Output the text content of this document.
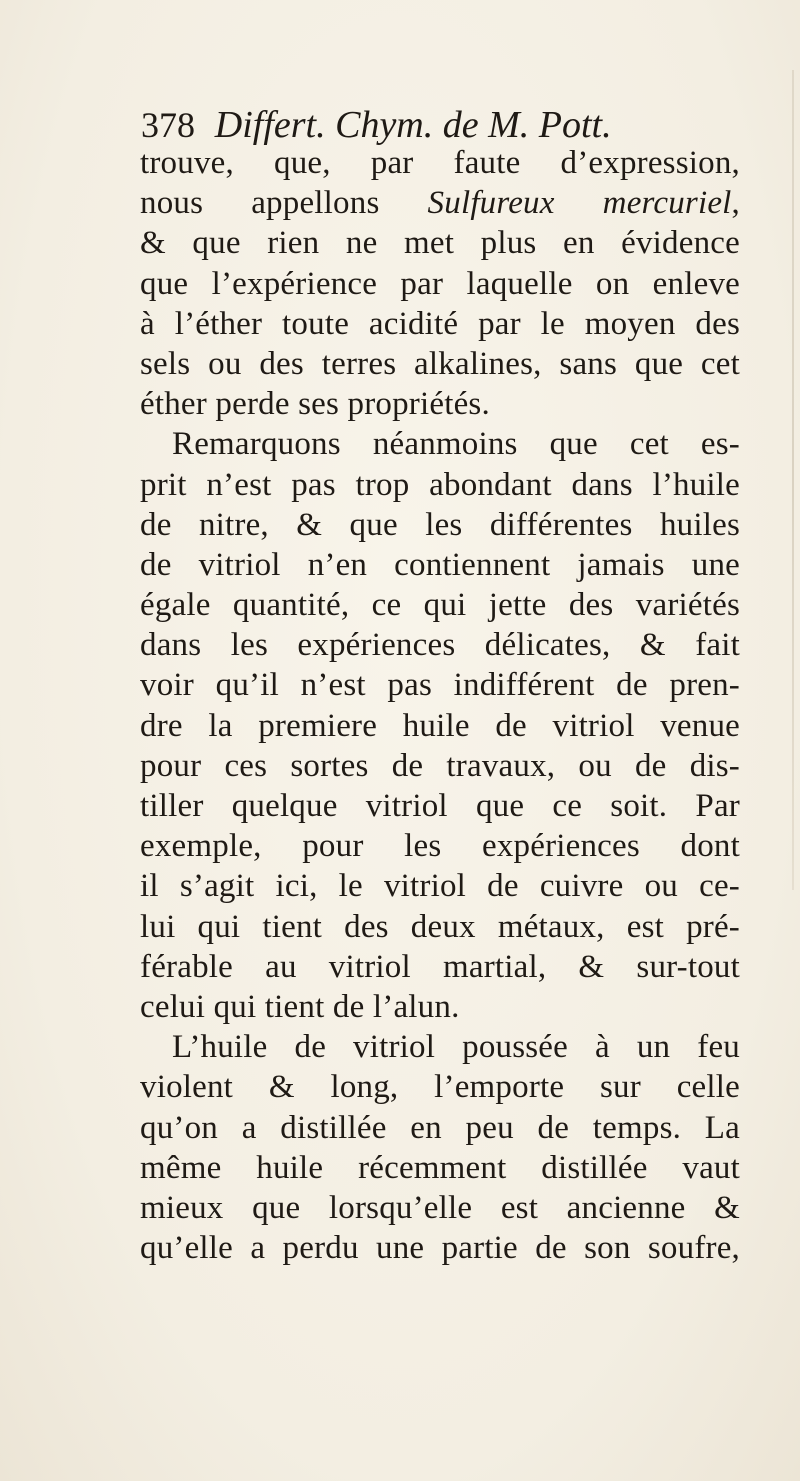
378 Differt. Chym. de M. Pott.
trouve, que, par faute d’expression,
nous appellons Sulfureux mercuriel,
& que rien ne met plus en évidence
que l’expérience par laquelle on enleve
à l’éther toute acidité par le moyen des
sels ou des terres alkalines, sans que cet
éther perde ses propriétés.
Remarquons néanmoins que cet es-
prit n’est pas trop abondant dans l’huile
de nitre, & que les différentes huiles
de vitriol n’en contiennent jamais une
égale quantité, ce qui jette des variétés
dans les expériences délicates, & fait
voir qu’il n’est pas indifférent de pren-
dre la premiere huile de vitriol venue
pour ces sortes de travaux, ou de dis-
tiller quelque vitriol que ce soit. Par
exemple, pour les expériences dont
il s’agit ici, le vitriol de cuivre ou ce-
lui qui tient des deux métaux, est pré-
férable au vitriol martial, & sur-tout
celui qui tient de l’alun.
L’huile de vitriol poussée à un feu
violent & long, l’emporte sur celle
qu’on a distillée en peu de temps. La
même huile récemment distillée vaut
mieux que lorsqu’elle est ancienne &
qu’elle a perdu une partie de son soufre,
